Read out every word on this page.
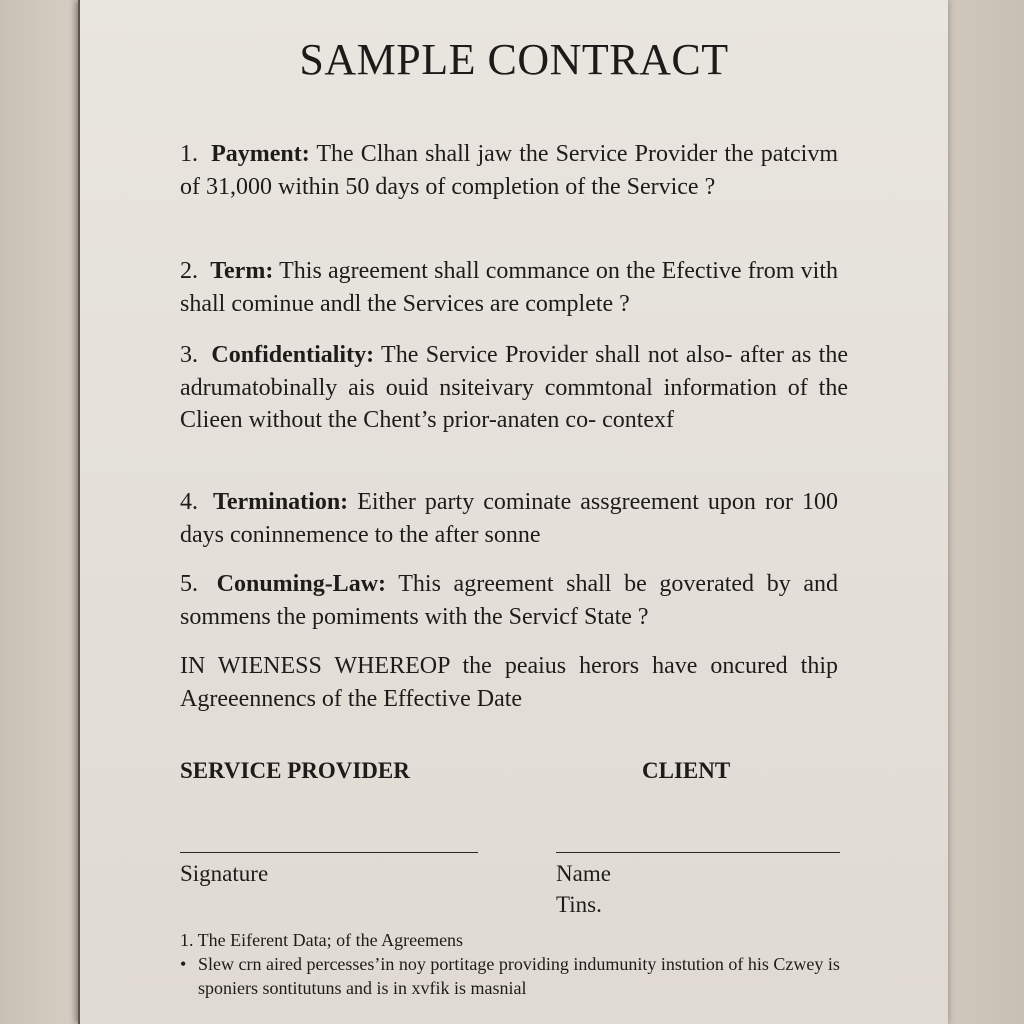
SAMPLE CONTRACT
1. Payment: The Clhan shall jaw the Service Provider the patcivm of 31,000 within 50 days of completion of the Service ?
2. Term: This agreement shall commance on the Efective from vith shall cominue andl the Services are complete ?
3. Confidentiality: The Service Provider shall not also- after as the adrumatobinally ais ouid nsiteivary commtonal information of the Clieen without the Chent’s prior-anaten co- contexf
4. Termination: Either party cominate assgreement upon ror 100 days coninnemence to the after sonne
5. Conuming-Law: This agreement shall be goverated by and sommens the pomiments with the Servicf State ?
IN WIENESS WHEREOP the peaius herors have oncured thip Agreeennencs of the Effective Date
SERVICE PROVIDER	CLIENT
Signature	Name
Tins.
1. The Eiferent Data; of the Agreemens
• Slew crn aired percesses’in noy portitage providing indumunity instution of his Czwey is sponiers sontitutuns and is in xvfik is masnial
